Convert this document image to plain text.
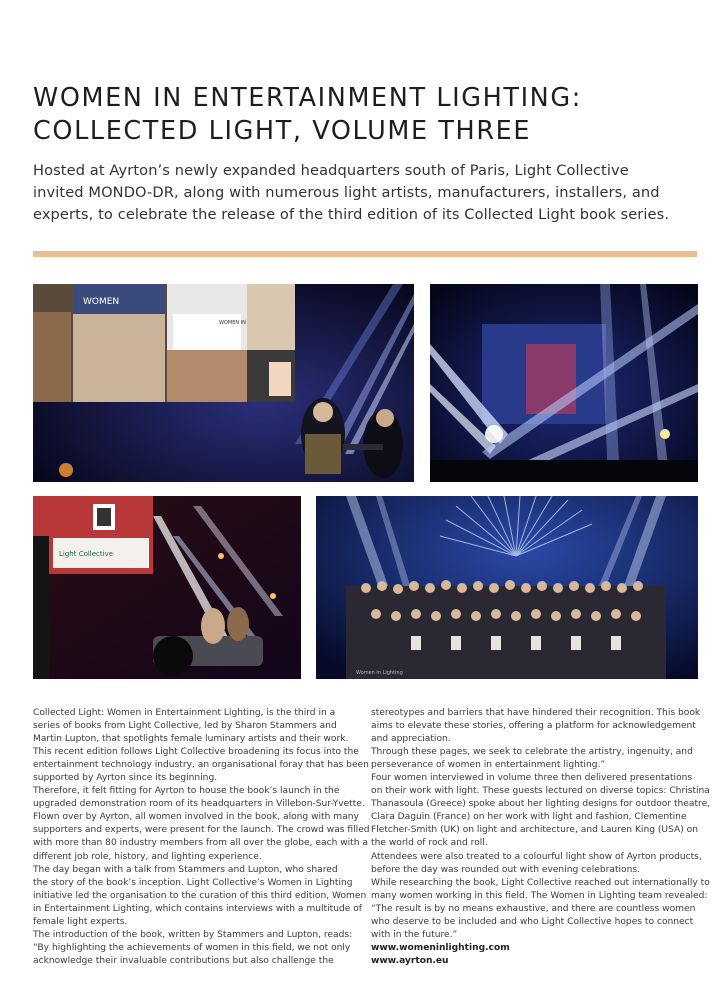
WOMEN IN ENTERTAINMENT LIGHTING:
COLLECTED LIGHT, VOLUME THREE
Hosted at Ayrton’s newly expanded headquarters south of Paris, Light Collective
invited MONDO-DR, along with numerous light artists, manufacturers, installers, and
experts, to celebrate the release of the third edition of its Collected Light book series.
WOMEN
WOMEN IN
Light Collective
Women in Lighting
Collected Light: Women in Entertainment Lighting, is the third in a
series of books from Light Collective, led by Sharon Stammers and
Martin Lupton, that spotlights female luminary artists and their work.
This recent edition follows Light Collective broadening its focus into the
entertainment technology industry, an organisational foray that has been
supported by Ayrton since its beginning.
Therefore, it felt fitting for Ayrton to house the book’s launch in the
upgraded demonstration room of its headquarters in Villebon-Sur-Yvette.
Flown over by Ayrton, all women involved in the book, along with many
supporters and experts, were present for the launch. The crowd was filled
with more than 80 industry members from all over the globe, each with a
different job role, history, and lighting experience.
The day began with a talk from Stammers and Lupton, who shared
the story of the book’s inception. Light Collective’s Women in Lighting
initiative led the organisation to the curation of this third edition, Women
in Entertainment Lighting, which contains interviews with a multitude of
female light experts.
The introduction of the book, written by Stammers and Lupton, reads:
“By highlighting the achievements of women in this field, we not only
acknowledge their invaluable contributions but also challenge the
stereotypes and barriers that have hindered their recognition. This book
aims to elevate these stories, offering a platform for acknowledgement
and appreciation.
Through these pages, we seek to celebrate the artistry, ingenuity, and
perseverance of women in entertainment lighting.”
Four women interviewed in volume three then delivered presentations
on their work with light. These guests lectured on diverse topics: Christina
Thanasoula (Greece) spoke about her lighting designs for outdoor theatre,
Clara Daguin (France) on her work with light and fashion, Clementine
Fletcher-Smith (UK) on light and architecture, and Lauren King (USA) on
the world of rock and roll.
Attendees were also treated to a colourful light show of Ayrton products,
before the day was rounded out with evening celebrations.
While researching the book, Light Collective reached out internationally to
many women working in this field. The Women in Lighting team revealed:
“The result is by no means exhaustive, and there are countless women
who deserve to be included and who Light Collective hopes to connect
with in the future.”
www.womeninlighting.com
www.ayrton.eu
